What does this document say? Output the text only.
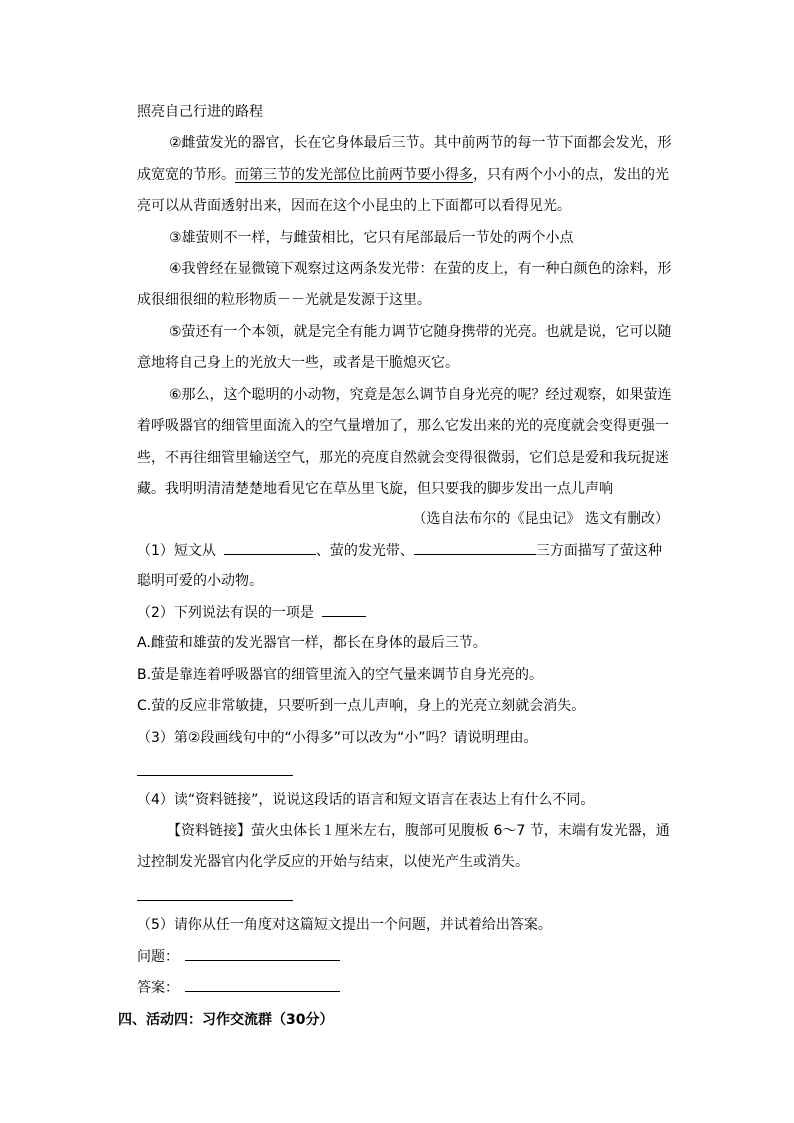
照亮自己行进的路程
②雌萤发光的器官，长在它身体最后三节。其中前两节的每一节下面都会发光，形
成宽宽的节形。而第三节的发光部位比前两节要小得多，只有两个小小的点，发出的光
亮可以从背面透射出来，因而在这个小昆虫的上下面都可以看得见光。
③雄萤则不一样，与雌萤相比，它只有尾部最后一节处的两个小点
④我曾经在显微镜下观察过这两条发光带：在萤的皮上，有一种白颜色的涂料，形
成很细很细的粒形物质－－光就是发源于这里。
⑤萤还有一个本领，就是完全有能力调节它随身携带的光亮。也就是说，它可以随
意地将自己身上的光放大一些，或者是干脆熄灭它。
⑥那么，这个聪明的小动物，究竟是怎么调节自身光亮的呢？经过观察，如果萤连
着呼吸器官的细管里面流入的空气量增加了，那么它发出来的光的亮度就会变得更强一
些，不再往细管里输送空气，那光的亮度自然就会变得很微弱，它们总是爱和我玩捉迷
藏。我明明清清楚楚地看见它在草丛里飞旋，但只要我的脚步发出一点儿声响
（选自法布尔的《昆虫记》 选文有删改）
（1）短文从	、萤的发光带、	三方面描写了萤这种
聪明可爱的小动物。
（2）下列说法有误的一项是
A.雌萤和雄萤的发光器官一样，都长在身体的最后三节。
B.萤是靠连着呼吸器官的细管里流入的空气量来调节自身光亮的。
C.萤的反应非常敏捷，只要听到一点儿声响，身上的光亮立刻就会消失。
（3）第②段画线句中的“小得多”可以改为“小”吗？请说明理由。
（4）读“资料链接”，说说这段话的语言和短文语言在表达上有什么不同。
【资料链接】萤火虫体长１厘米左右，腹部可见腹板 6～7 节，末端有发光器，通
过控制发光器官内化学反应的开始与结束，以使光产生或消失。
（5）请你从任一角度对这篇短文提出一个问题，并试着给出答案。
问题：
答案：
四、活动四：习作交流群（30分）
